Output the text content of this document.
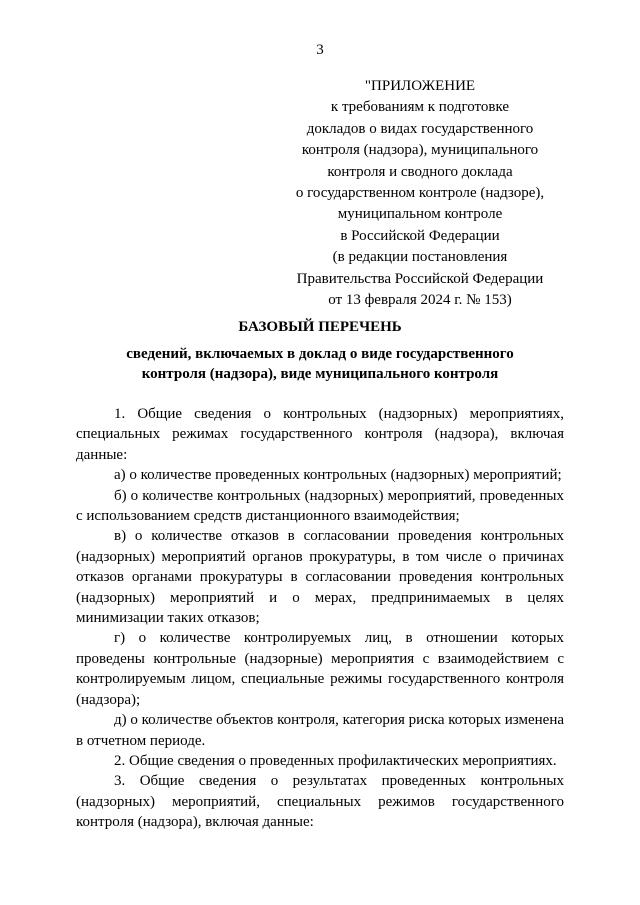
3
"ПРИЛОЖЕНИЕ
к требованиям к подготовке
докладов о видах государственного
контроля (надзора), муниципального
контроля и сводного доклада
о государственном контроле (надзоре),
муниципальном контроле
в Российской Федерации
(в редакции постановления
Правительства Российской Федерации
от 13 февраля 2024 г. № 153)
БАЗОВЫЙ ПЕРЕЧЕНЬ
сведений, включаемых в доклад о виде государственного
контроля (надзора), виде муниципального контроля

1. Общие сведения о контрольных (надзорных) мероприятиях, специальных режимах государственного контроля (надзора), включая данные:

а) о количестве проведенных контрольных (надзорных) мероприятий;

б) о количестве контрольных (надзорных) мероприятий, проведенных с использованием средств дистанционного взаимодействия;

в) о количестве отказов в согласовании проведения контрольных (надзорных) мероприятий органов прокуратуры, в том числе о причинах отказов органами прокуратуры в согласовании проведения контрольных (надзорных) мероприятий и о мерах, предпринимаемых в целях минимизации таких отказов;

г) о количестве контролируемых лиц, в отношении которых проведены контрольные (надзорные) мероприятия с взаимодействием с контролируемым лицом, специальные режимы государственного контроля (надзора);

д) о количестве объектов контроля, категория риска которых изменена в отчетном периоде.

2. Общие сведения о проведенных профилактических мероприятиях.

3. Общие сведения о результатах проведенных контрольных (надзорных) мероприятий, специальных режимов государственного контроля (надзора), включая данные:
